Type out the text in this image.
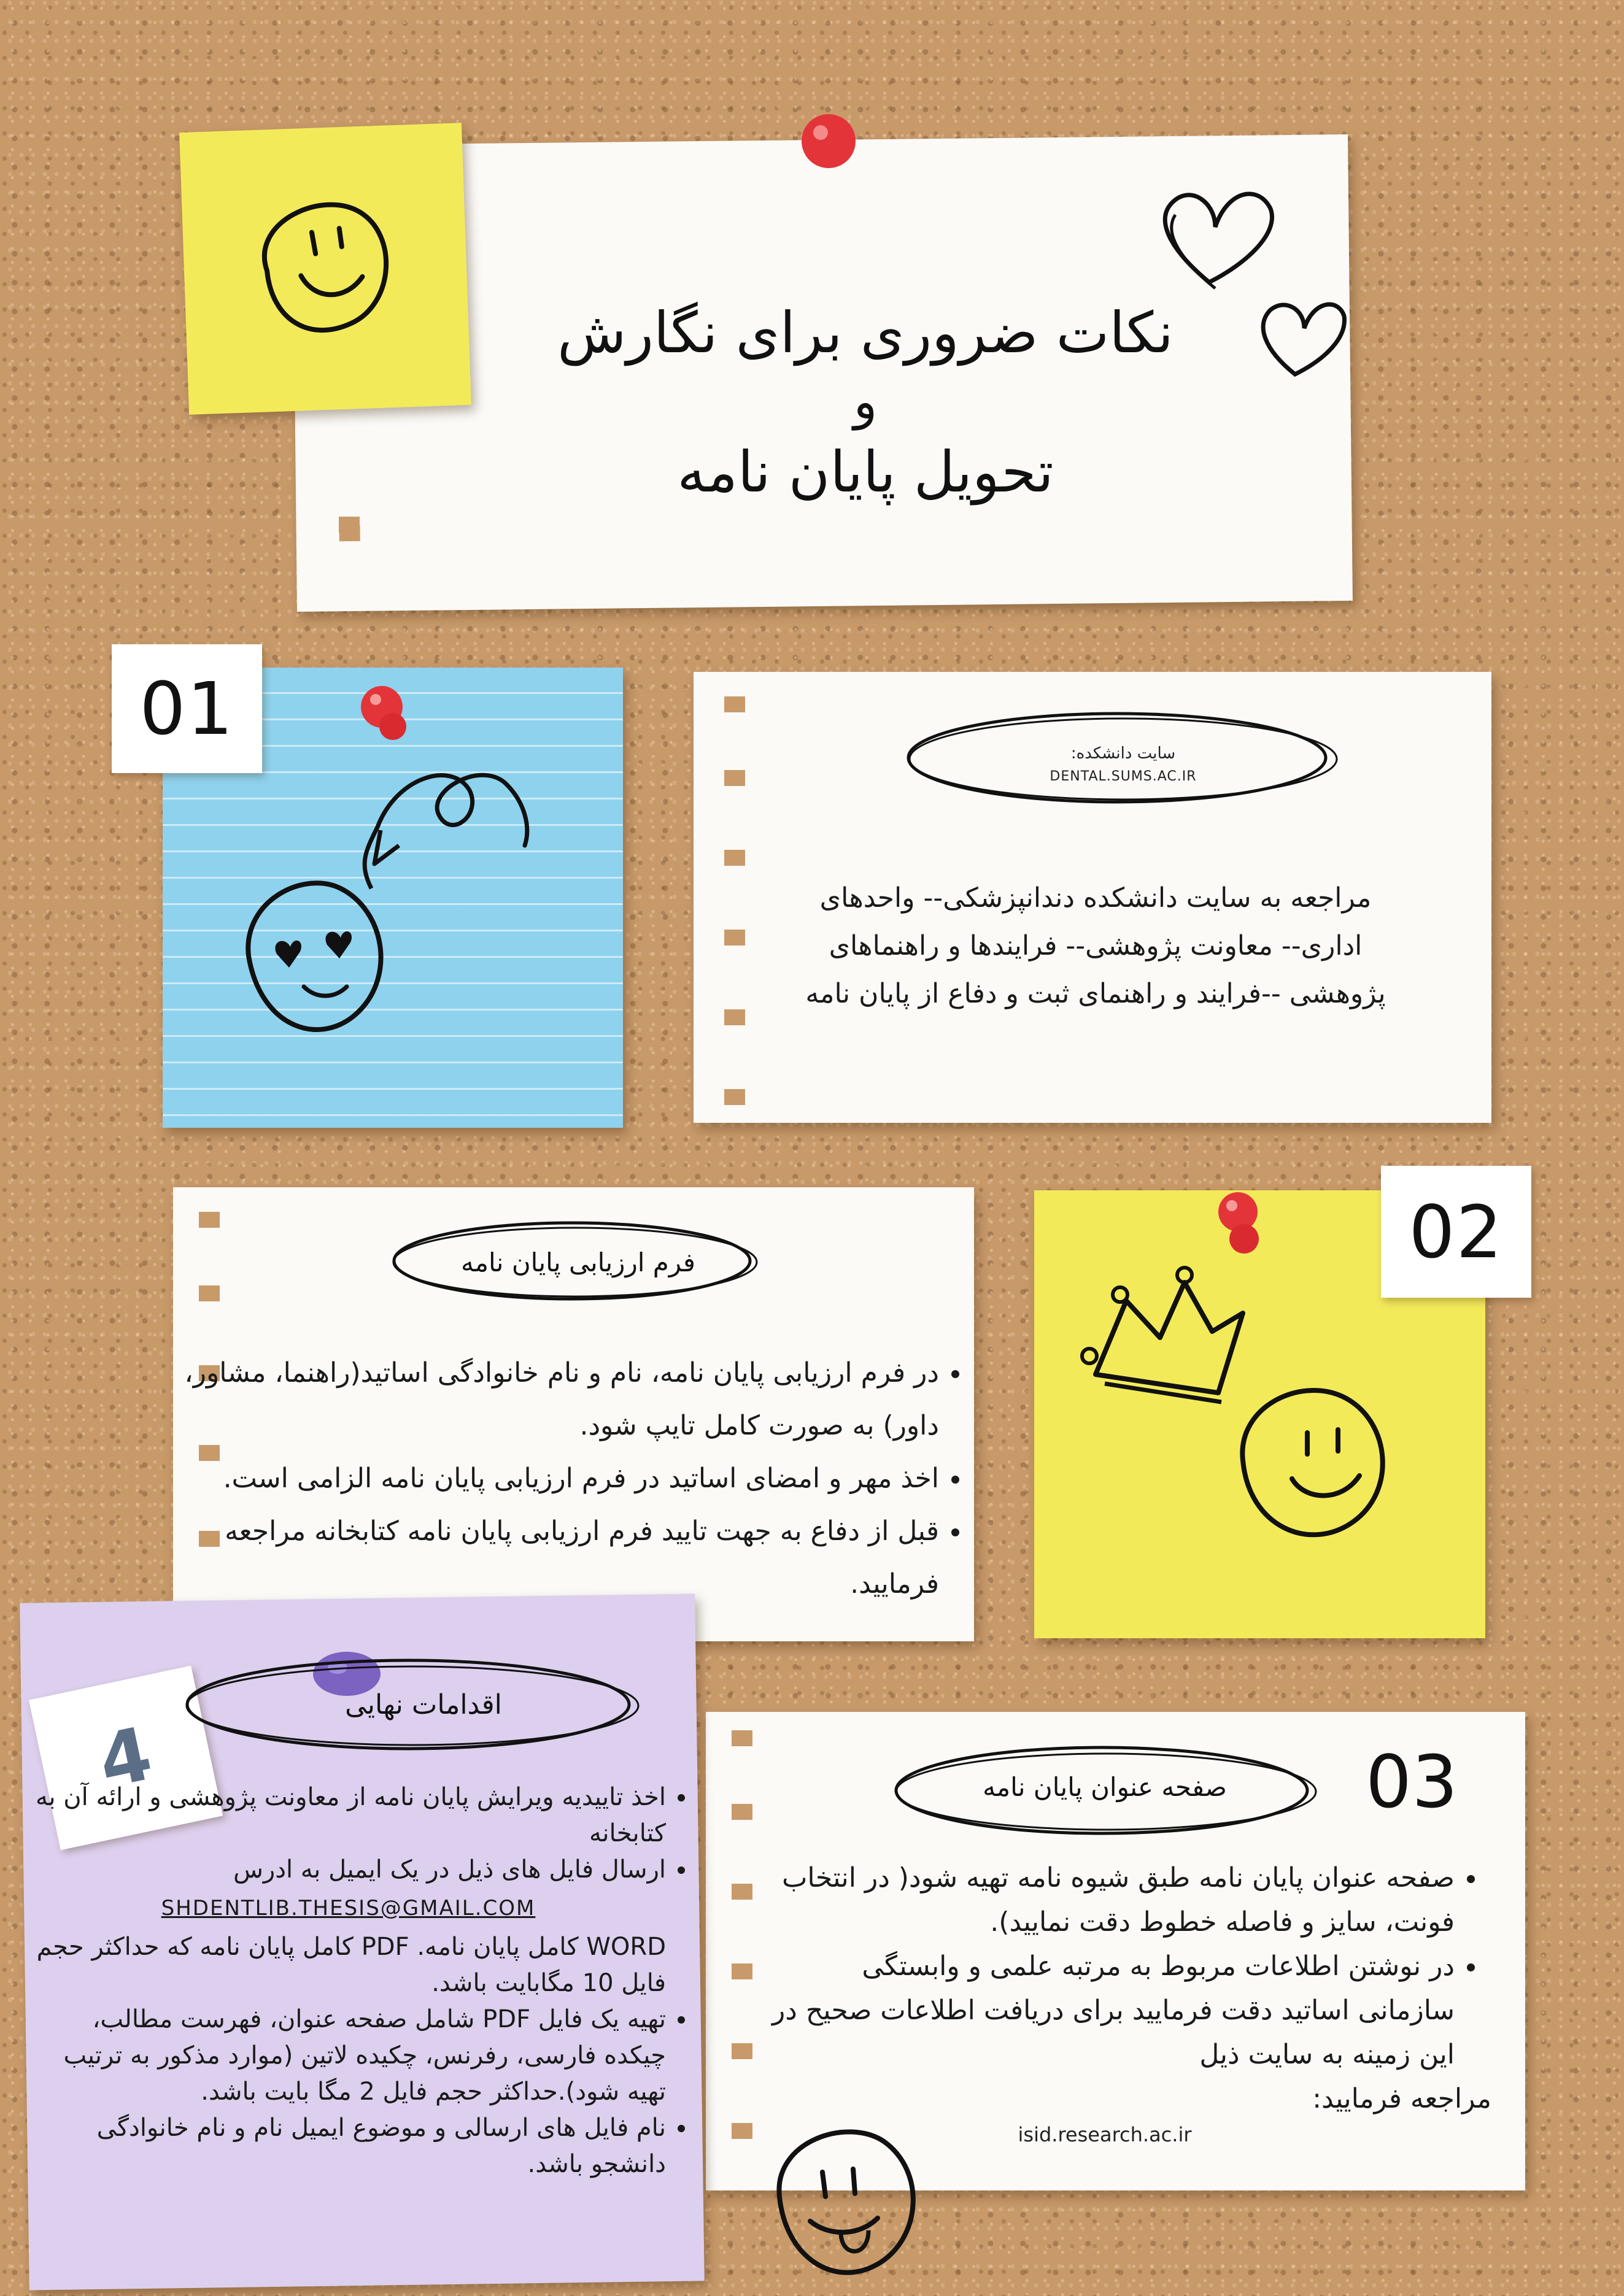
نکات ضروری برای نگارش
و
تحویل پایان نامه
01
سایت دانشکده:
DENTAL.SUMS.AC.IR
مراجعه به سایت دانشکده دندانپزشکی-- واحدهای
اداری-- معاونت پژوهشی-- فرایندها و راهنماهای
پژوهشی --فرایند و راهنمای ثبت و دفاع از پایان نامه
فرم ارزیابی پایان نامه
• در فرم ارزیابی پایان نامه، نام و نام خانوادگی اساتید(راهنما، مشاور، داور) به صورت کامل تایپ شود.
• اخذ مهر و امضای اساتید در فرم ارزیابی پایان نامه الزامی است.
• قبل از دفاع به جهت تایید فرم ارزیابی پایان نامه کتابخانه مراجعه فرمایید.
02
صفحه عنوان پایان نامه	03
• صفحه عنوان پایان نامه طبق شیوه نامه تهیه شود( در انتخاب فونت، سایز و فاصله خطوط دقت نمایید).
• در نوشتن اطلاعات مربوط به مرتبه علمی و وابستگی سازمانی اساتید دقت فرمایید برای دریافت اطلاعات صحیح در این زمینه به سایت ذیل
مراجعه فرمایید:
isid.research.ac.ir
4
اقدامات نهایی
• اخذ تاییدیه ویرایش پایان نامه از معاونت پژوهشی و ارائه آن به کتابخانه
• ارسال فایل های ذیل در یک ایمیل به ادرس
SHDENTLIB.THESIS@GMAIL.COM
WORD کامل پایان نامه. PDF کامل پایان نامه که حداکثر حجم فایل 10 مگابایت باشد.
• تهیه یک فایل PDF شامل صفحه عنوان، فهرست مطالب، چیکده فارسی، رفرنس، چکیده لاتین (موارد مذکور به ترتیب تهیه شود).حداکثر حجم فایل 2 مگا بایت باشد.
• نام فایل های ارسالی و موضوع ایمیل نام و نام خانوادگی دانشجو باشد.
